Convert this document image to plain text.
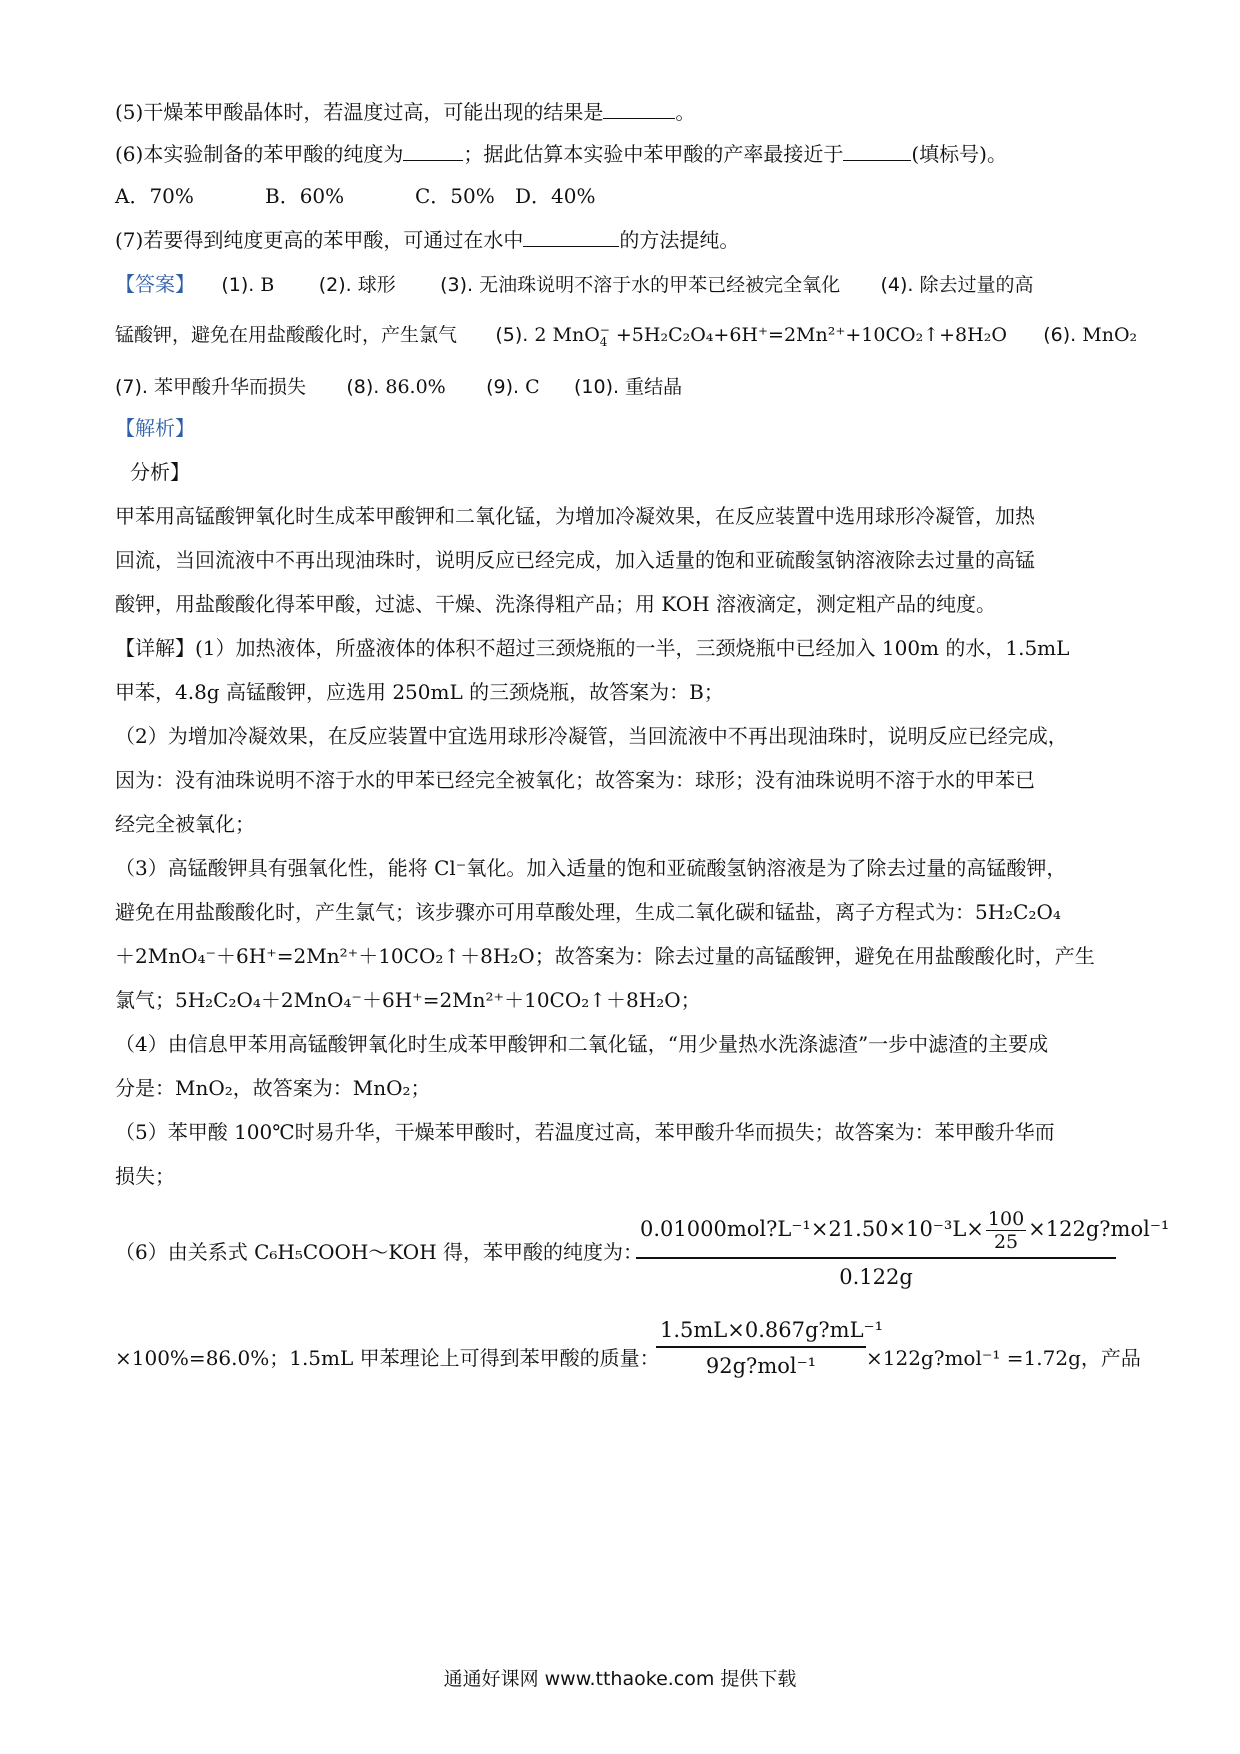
(5)干燥苯甲酸晶体时，若温度过高，可能出现的结果是	。
(6)本实验制备的苯甲酸的纯度为	；据此估算本实验中苯甲酸的产率最接近于	(填标号)。
A．70%	B．60%	C．50% D．40%
(7)若要得到纯度更高的苯甲酸，可通过在水中	的方法提纯。
【答案】 (1). B (2). 球形 (3). 无油珠说明不溶于水的甲苯已经被完全氧化 (4). 除去过量的高
锰酸钾，避免在用盐酸酸化时，产生氯气 (5). 2 MnO −
4 +5H₂C₂O₄+6H⁺=2Mn²⁺+10CO₂↑+8H₂O (6). MnO₂
(7). 苯甲酸升华而损失 (8). 86.0% (9). C (10). 重结晶
【解析】
分析】
甲苯用高锰酸钾氧化时生成苯甲酸钾和二氧化锰，为增加冷凝效果，在反应装置中选用球形冷凝管，加热
回流，当回流液中不再出现油珠时，说明反应已经完成，加入适量的饱和亚硫酸氢钠溶液除去过量的高锰
酸钾，用盐酸酸化得苯甲酸，过滤、干燥、洗涤得粗产品；用 KOH 溶液滴定，测定粗产品的纯度。
【详解】(1）加热液体，所盛液体的体积不超过三颈烧瓶的一半，三颈烧瓶中已经加入 100m 的水，1.5mL
甲苯，4.8g 高锰酸钾，应选用 250mL 的三颈烧瓶，故答案为：B；
（2）为增加冷凝效果，在反应装置中宜选用球形冷凝管，当回流液中不再出现油珠时，说明反应已经完成，
因为：没有油珠说明不溶于水的甲苯已经完全被氧化；故答案为：球形；没有油珠说明不溶于水的甲苯已
经完全被氧化；
（3）高锰酸钾具有强氧化性，能将 Cl⁻氧化。加入适量的饱和亚硫酸氢钠溶液是为了除去过量的高锰酸钾，
避免在用盐酸酸化时，产生氯气；该步骤亦可用草酸处理，生成二氧化碳和锰盐，离子方程式为：5H₂C₂O₄
＋2MnO₄⁻＋6H⁺=2Mn²⁺＋10CO₂↑＋8H₂O；故答案为：除去过量的高锰酸钾，避免在用盐酸酸化时，产生
氯气；5H₂C₂O₄＋2MnO₄⁻＋6H⁺=2Mn²⁺＋10CO₂↑＋8H₂O；
（4）由信息甲苯用高锰酸钾氧化时生成苯甲酸钾和二氧化锰，“用少量热水洗涤滤渣”一步中滤渣的主要成
分是：MnO₂，故答案为：MnO₂；
（5）苯甲酸 100℃时易升华，干燥苯甲酸时，若温度过高，苯甲酸升华而损失；故答案为：苯甲酸升华而
损失；
（6）由关系式 C₆H₅COOH～KOH 得，苯甲酸的纯度为：
0.01000mol?L⁻¹×21.50×10⁻³L× $\frac{100}{25}$ ×122g?mol⁻¹
0.122g
×100%=86.0%；1.5mL 甲苯理论上可得到苯甲酸的质量：
1.5mL×0.867g?mL⁻¹
92g?mol⁻¹	×122g?mol⁻¹ =1.72g，产品
通通好课网 www.tthaoke.com 提供下载
